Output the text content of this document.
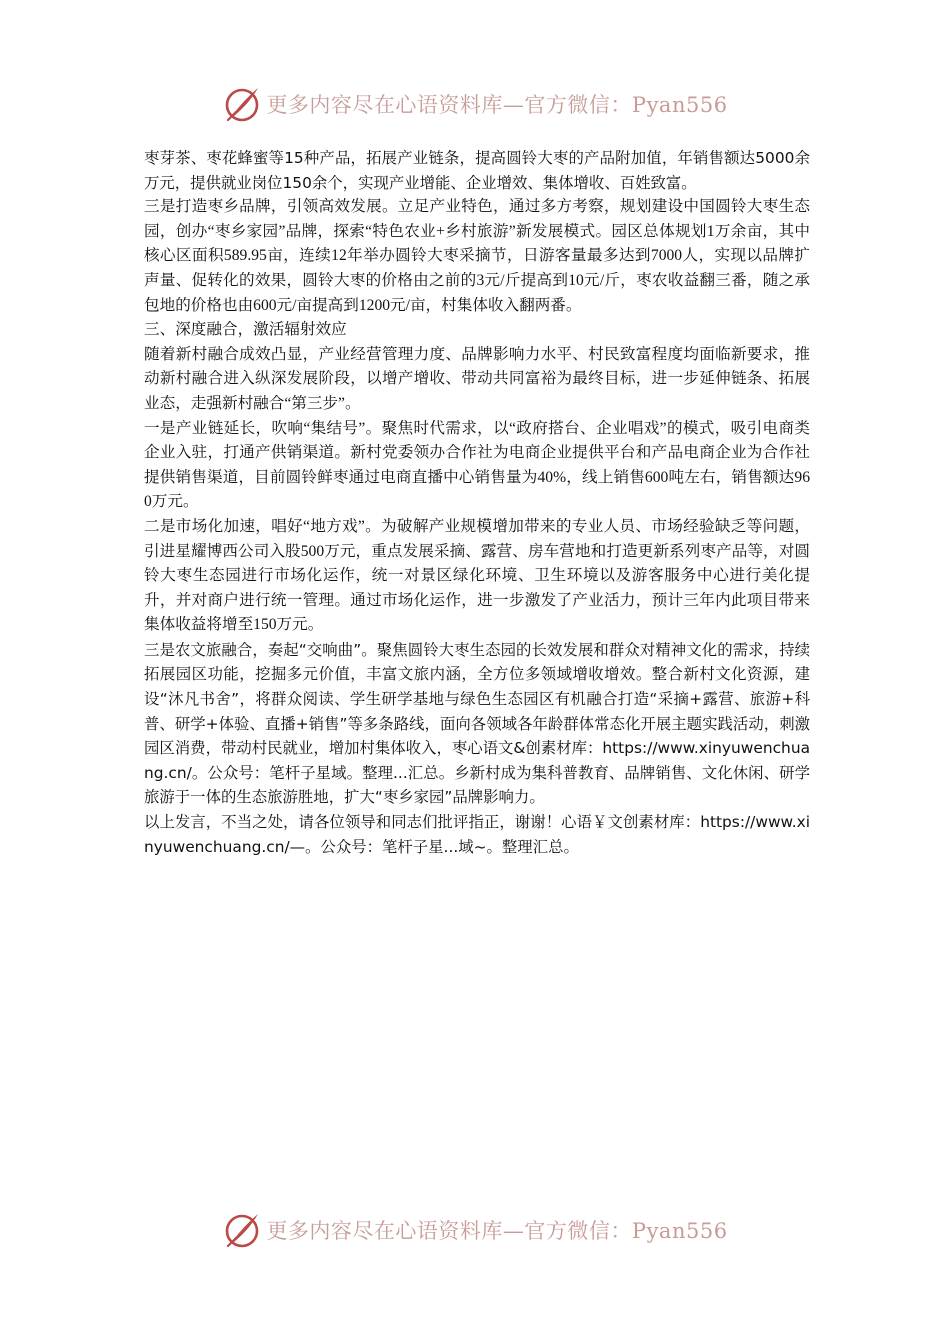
更多内容尽在心语资料库—官方微信：Pyan556

枣芽茶、枣花蜂蜜等15种产品，拓展产业链条，提高圆铃大枣的产品附加值，年销售额达5000余万元，提供就业岗位150余个，实现产业增能、企业增效、集体增收、百姓致富。

三是打造枣乡品牌，引领高效发展。立足产业特色，通过多方考察，规划建设中国圆铃大枣生态园，创办“枣乡家园”品牌，探索“特色农业+乡村旅游”新发展模式。园区总体规划1万余亩，其中核心区面积589.95亩，连续12年举办圆铃大枣采摘节，日游客量最多达到7000人，实现以品牌扩声量、促转化的效果，圆铃大枣的价格由之前的3元/斤提高到10元/斤，枣农收益翻三番，随之承包地的价格也由600元/亩提高到1200元/亩，村集体收入翻两番。

三、深度融合，激活辐射效应

随着新村融合成效凸显，产业经营管理力度、品牌影响力水平、村民致富程度均面临新要求，推动新村融合进入纵深发展阶段，以增产增收、带动共同富裕为最终目标，进一步延伸链条、拓展业态，走强新村融合“第三步”。

一是产业链延长，吹响“集结号”。聚焦时代需求，以“政府搭台、企业唱戏”的模式，吸引电商类企业入驻，打通产供销渠道。新村党委领办合作社为电商企业提供平台和产品电商企业为合作社提供销售渠道，目前圆铃鲜枣通过电商直播中心销售量为40%，线上销售600吨左右，销售额达960万元。

二是市场化加速，唱好“地方戏”。为破解产业规模增加带来的专业人员、市场经验缺乏等问题，引进星耀博西公司入股500万元，重点发展采摘、露营、房车营地和打造更新系列枣产品等，对圆铃大枣生态园进行市场化运作，统一对景区绿化环境、卫生环境以及游客服务中心进行美化提升，并对商户进行统一管理。通过市场化运作，进一步激发了产业活力，预计三年内此项目带来集体收益将增至150万元。

三是农文旅融合，奏起“交响曲”。聚焦圆铃大枣生态园的长效发展和群众对精神文化的需求，持续拓展园区功能，挖掘多元价值，丰富文旅内涵，全方位多领域增收增效。整合新村文化资源，建设“沐凡书舍”，将群众阅读、学生研学基地与绿色生态园区有机融合打造“采摘+露营、旅游+科普、研学+体验、直播+销售”等多条路线，面向各领域各年龄群体常态化开展主题实践活动，刺激园区消费，带动村民就业，增加村集体收入，枣心语文&创素材库：https://www.xinyuwenchuang.cn/。公众号：笔杆子星域。整理...汇总。乡新村成为集科普教育、品牌销售、文化休闲、研学旅游于一体的生态旅游胜地，扩大“枣乡家园”品牌影响力。

以上发言，不当之处，请各位领导和同志们批评指正，谢谢！心语￥文创素材库：https://www.xinyuwenchuang.cn/—。公众号：笔杆子星...域~。整理汇总。

更多内容尽在心语资料库—官方微信：Pyan556
